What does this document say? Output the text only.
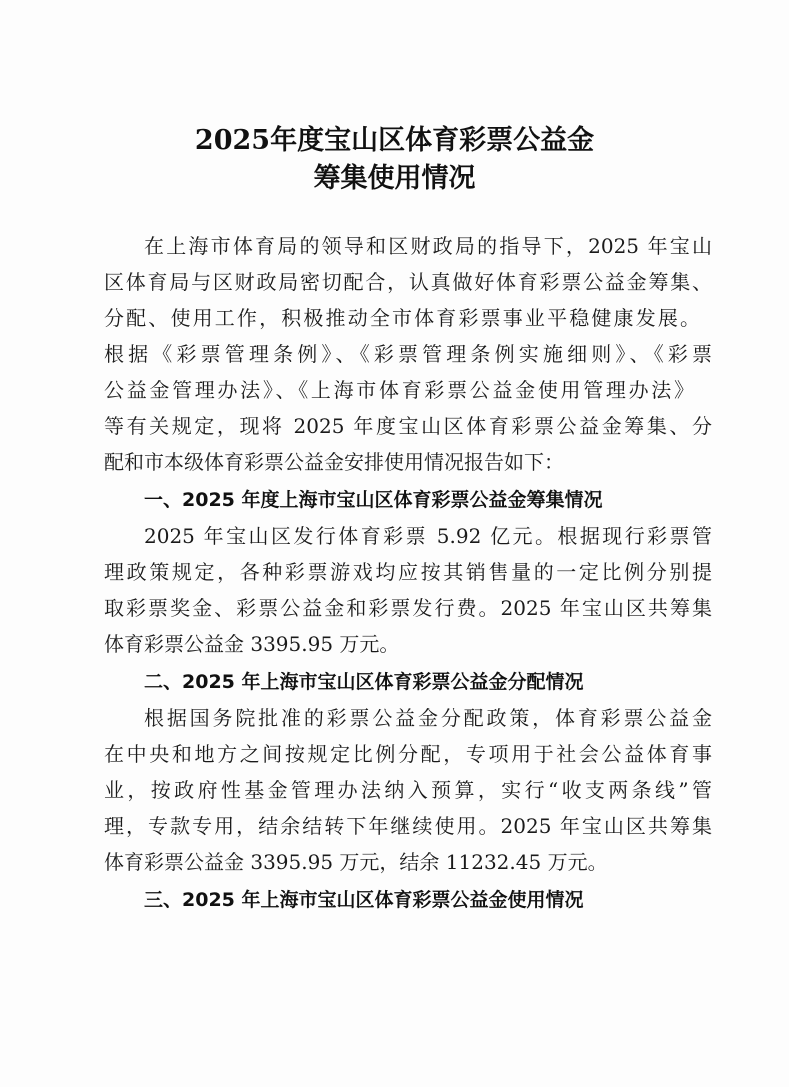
2025年度宝山区体育彩票公益金
筹集使用情况
在上海市体育局的领导和区财政局的指导下，2025 年宝山
区体育局与区财政局密切配合，认真做好体育彩票公益金筹集、
分配、使用工作，积极推动全市体育彩票事业平稳健康发展。
根据《彩票管理条例》、《彩票管理条例实施细则》、《彩票
公益金管理办法》、《上海市体育彩票公益金使用管理办法》
等有关规定，现将 2025 年度宝山区体育彩票公益金筹集、分
配和市本级体育彩票公益金安排使用情况报告如下：
一、2025 年度上海市宝山区体育彩票公益金筹集情况
2025 年宝山区发行体育彩票 5.92 亿元。根据现行彩票管
理政策规定，各种彩票游戏均应按其销售量的一定比例分别提
取彩票奖金、彩票公益金和彩票发行费。2025 年宝山区共筹集
体育彩票公益金 3395.95 万元。
二、2025 年上海市宝山区体育彩票公益金分配情况
根据国务院批准的彩票公益金分配政策，体育彩票公益金
在中央和地方之间按规定比例分配，专项用于社会公益体育事
业，按政府性基金管理办法纳入预算，实行“收支两条线”管
理，专款专用，结余结转下年继续使用。2025 年宝山区共筹集
体育彩票公益金 3395.95 万元，结余 11232.45 万元。
三、2025 年上海市宝山区体育彩票公益金使用情况
